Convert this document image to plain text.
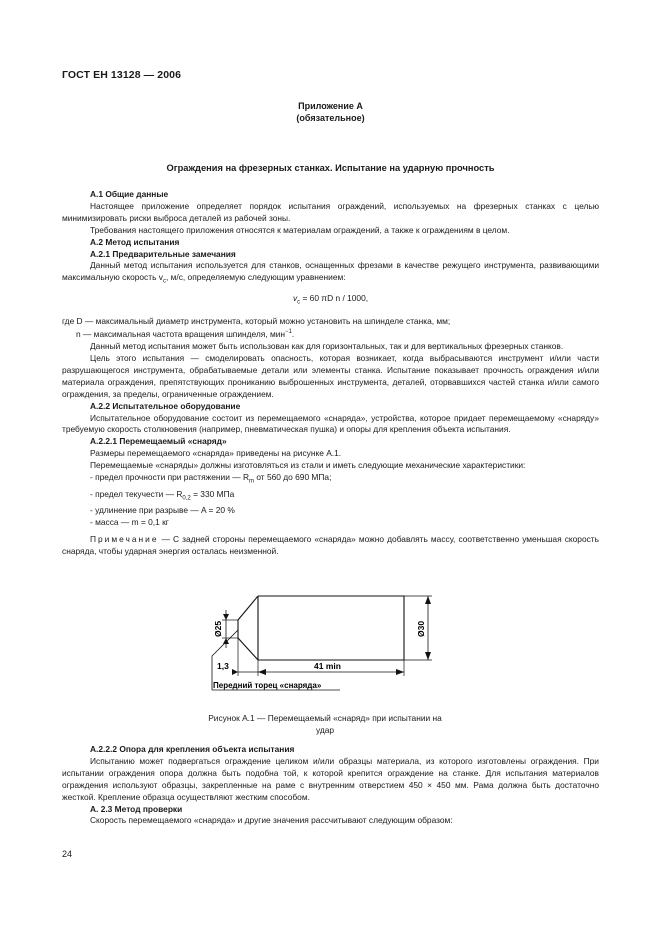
ГОСТ ЕН 13128 — 2006
Приложение А
(обязательное)
Ограждения на фрезерных станках. Испытание на ударную прочность

А.1 Общие данные

Настоящее приложение определяет порядок испытания ограждений, используемых на фрезерных станках с целью минимизировать риски выброса деталей из рабочей зоны.

Требования настоящего приложения относятся к материалам ограждений, а также к ограждениям в целом.

А.2 Метод испытания

А.2.1 Предварительные замечания

Данный метод испытания используется для станков, оснащенных фрезами в качестве режущего инструмента, развивающими максимальную скорость $v_c$, м/с, определяемую следующим уравнением:

$v_c = 60$ πD n / 1000,

где D — максимальный диаметр инструмента, который можно установить на шпинделе станка, мм;

n — максимальная частота вращения шпинделя, мин$^{-1}$.

Данный метод испытания может быть использован как для горизонтальных, так и для вертикальных фрезерных станков.

Цель этого испытания — смоделировать опасность, которая возникает, когда выбрасываются инструмент и/или части разрушающегося инструмента, обрабатываемые детали или элементы станка. Испытание показывает прочность ограждения и/или материала ограждения, препятствующих прониканию выброшенных инструмента, деталей, оторвавшихся частей станка и/или самого ограждения, за пределы, ограниченные ограждением.

А.2.2 Испытательное оборудование

Испытательное оборудование состоит из перемещаемого «снаряда», устройства, которое придает перемещаемому «снаряду» требуемую скорость столкновения (например, пневматическая пушка) и опоры для крепления объекта испытания.

А.2.2.1 Перемещаемый «снаряд»

Размеры перемещаемого «снаряда» приведены на рисунке А.1.

Перемещаемые «снаряды» должны изготовляться из стали и иметь следующие механические характеристики:

- предел прочности при растяжении — $R_m$ от 560 до 690 МПа;

- предел текучести — $R_{0,2} = 330$ МПа

- удлинение при разрыве — A = 20 %

- масса — m = 0,1 кг

Примечание — С задней стороны перемещаемого «снаряда» можно добавлять массу, соответственно уменьшая скорость снаряда, чтобы ударная энергия осталась неизменной.

Ø25	Ø30
1,3	41 min
Передний торец «снаряда»
Рисунок А.1 — Перемещаемый «снаряд» при испытании на удар

А.2.2.2 Опора для крепления объекта испытания

Испытанию может подвергаться ограждение целиком и/или образцы материала, из которого изготовлены ограждения. При испытании ограждения опора должна быть подобна той, к которой крепится ограждение на станке. Для испытания материалов ограждения используют образцы, закрепленные на раме с внутренним отверстием 450 × 450 мм. Рама должна быть достаточно жесткой. Крепление образца осуществляют жестким способом.

А. 2.3 Метод проверки

Скорость перемещаемого «снаряда» и другие значения рассчитывают следующим образом:

24
